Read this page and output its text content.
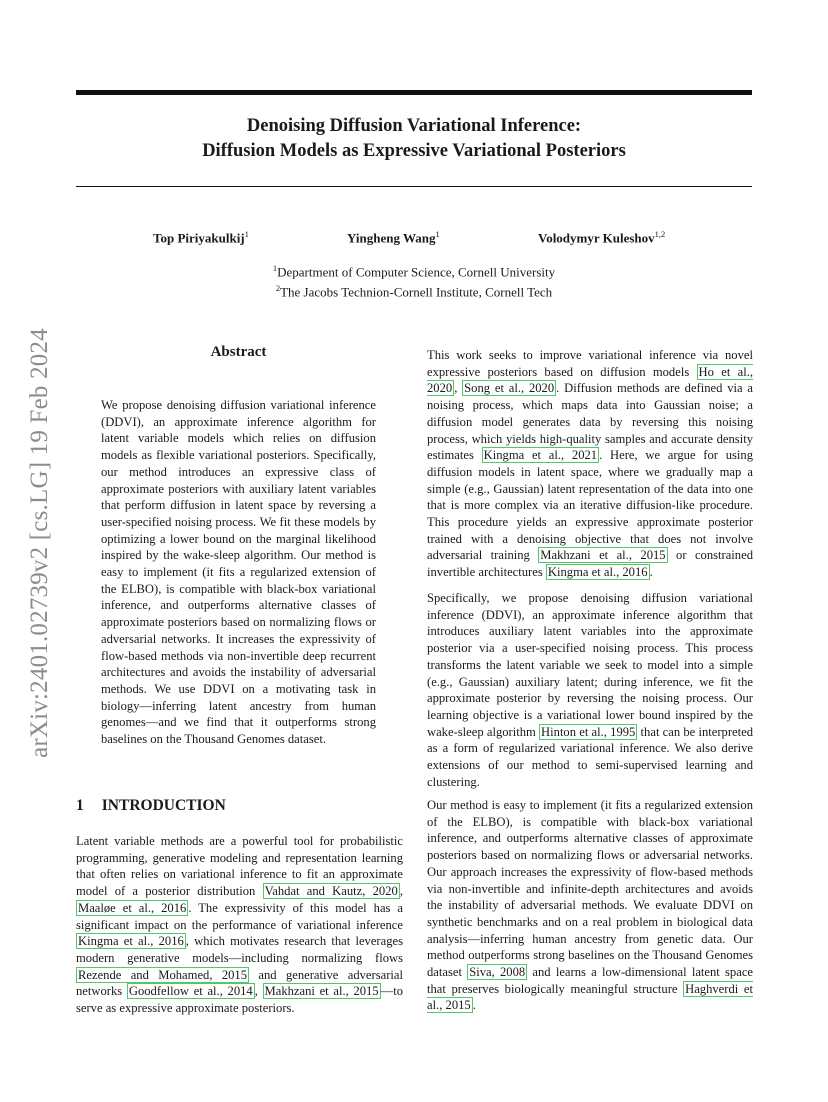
Denoising Diffusion Variational Inference:
Diffusion Models as Expressive Variational Posteriors
Top Piriyakulkij$^1$	Yingheng Wang$^1$	Volodymyr Kuleshov$^{1,2}$
$^1$Department of Computer Science, Cornell University
$^2$The Jacobs Technion-Cornell Institute, Cornell Tech
arXiv:2401.02739v2 [cs.LG] 19 Feb 2024	Abstract

We propose denoising diffusion variational inference (DDVI), an approximate inference algorithm for latent variable models which relies on diffusion models as flexible variational posteriors. Specifically, our method introduces an expressive class of approximate posteriors with auxiliary latent variables that perform diffusion in latent space by reversing a user-specified noising process. We fit these models by optimizing a lower bound on the marginal likelihood inspired by the wake-sleep algorithm. Our method is easy to implement (it fits a regularized extension of the ELBO), is compatible with black-box variational inference, and outperforms alternative classes of approximate posteriors based on normalizing flows or adversarial networks. It increases the expressivity of flow-based methods via non-invertible deep recurrent architectures and avoids the instability of adversarial methods. We use DDVI on a motivating task in biology—inferring latent ancestry from human genomes—and we find that it outperforms strong baselines on the Thousand Genomes dataset.

1 INTRODUCTION

Latent variable methods are a powerful tool for probabilistic programming, generative modeling and representation learning that often relies on variational inference to fit an approximate model of a posterior distribution Vahdat and Kautz, 2020 , Maaløe et al., 2016 . The expressivity of this model has a significant impact on the performance of variational inference Kingma et al., 2016 , which motivates research that leverages modern generative models—including normalizing flows Rezende and Mohamed, 2015 and generative adversarial networks Goodfellow et al., 2014 , Makhzani et al., 2015 —to serve as expressive approximate posteriors.

This work seeks to improve variational inference via novel expressive posteriors based on diffusion models Ho et al., 2020 , Song et al., 2020 . Diffusion methods are defined via a noising process, which maps data into Gaussian noise; a diffusion model generates data by reversing this noising process, which yields high-quality samples and accurate density estimates Kingma et al., 2021 . Here, we argue for using diffusion models in latent space, where we gradually map a simple (e.g., Gaussian) latent representation of the data into one that is more complex via an iterative diffusion-like procedure. This procedure yields an expressive approximate posterior trained with a denoising objective that does not involve adversarial training Makhzani et al., 2015 or constrained invertible architectures Kingma et al., 2016 .

Specifically, we propose denoising diffusion variational inference (DDVI), an approximate inference algorithm that introduces auxiliary latent variables into the approximate posterior via a user-specified noising process. This process transforms the latent variable we seek to model into a simple (e.g., Gaussian) auxiliary latent; during inference, we fit the approximate posterior by reversing the noising process. Our learning objective is a variational lower bound inspired by the wake-sleep algorithm Hinton et al., 1995 that can be interpreted as a form of regularized variational inference. We also derive extensions of our method to semi-supervised learning and clustering.

Our method is easy to implement (it fits a regularized extension of the ELBO), is compatible with black-box variational inference, and outperforms alternative classes of approximate posteriors based on normalizing flows or adversarial networks. Our approach increases the expressivity of flow-based methods via non-invertible and infinite-depth architectures and avoids the instability of adversarial methods. We evaluate DDVI on synthetic benchmarks and on a real problem in biological data analysis—inferring human ancestry from genetic data. Our method outperforms strong baselines on the Thousand Genomes dataset Siva, 2008 and learns a low-dimensional latent space that preserves biologically meaningful structure Haghverdi et al., 2015 .
